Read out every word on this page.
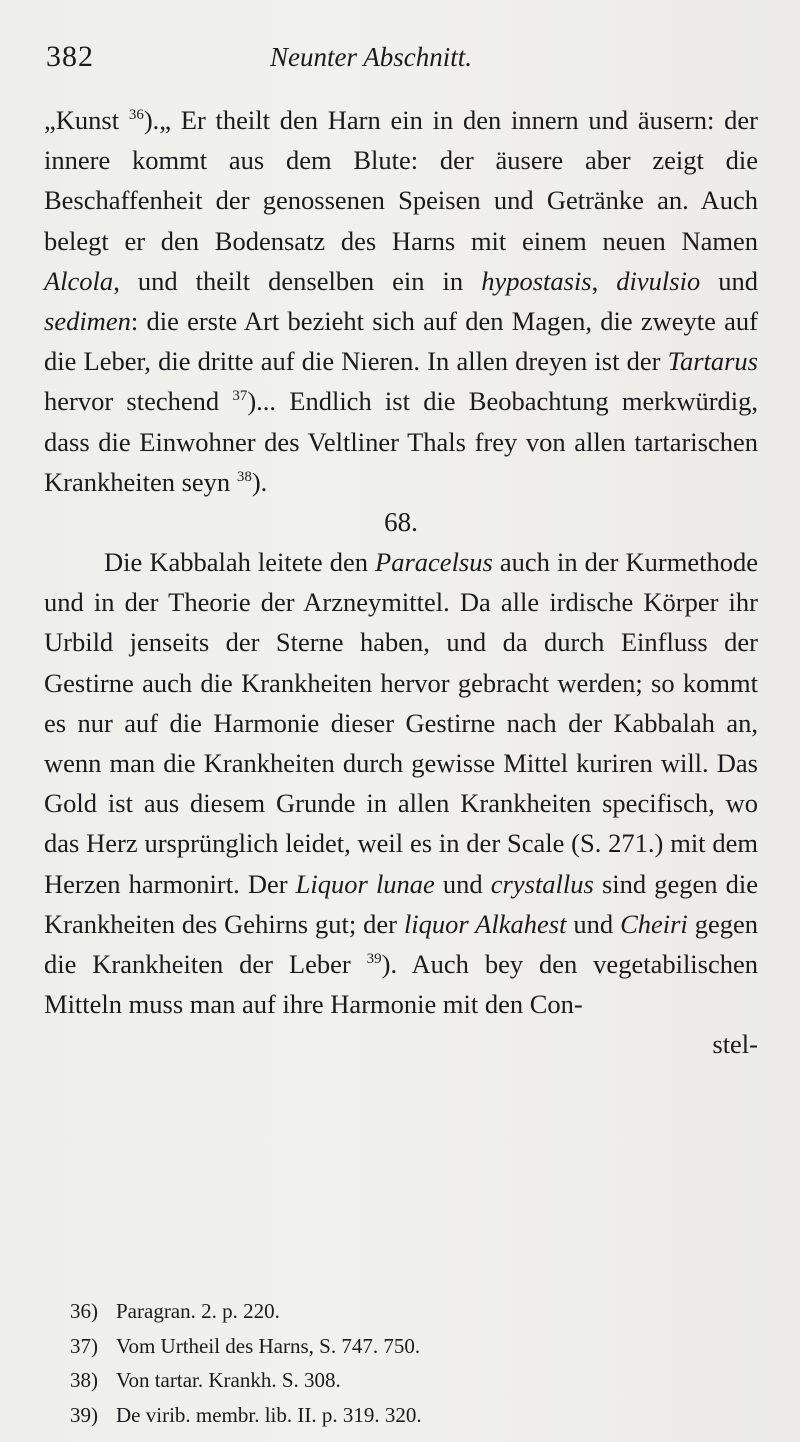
382	Neunter Abschnitt.

„Kunst $^{36}$).„ Er theilt den Harn ein in den innern und äusern: der innere kommt aus dem Blute: der äusere aber zeigt die Beschaffenheit der genossenen Speisen und Getränke an. Auch belegt er den Bodensatz des Harns mit einem neuen Namen Alcola, und theilt denselben ein in hypostasis, divulsio und sedimen: die erste Art bezieht sich auf den Magen, die zweyte auf die Leber, die dritte auf die Nieren. In allen dreyen ist der Tartarus hervor stechend $^{37}$)... Endlich ist die Beobachtung merkwürdig, dass die Einwohner des Veltliner Thals frey von allen tartarischen Krankheiten seyn $^{38}$).

68.

Die Kabbalah leitete den Paracelsus auch in der Kurmethode und in der Theorie der Arzneymittel. Da alle irdische Körper ihr Urbild jenseits der Sterne haben, und da durch Einfluss der Gestirne auch die Krankheiten hervor gebracht werden; so kommt es nur auf die Harmonie dieser Gestirne nach der Kabbalah an, wenn man die Krankheiten durch gewisse Mittel kuriren will. Das Gold ist aus diesem Grunde in allen Krankheiten specifisch, wo das Herz ursprünglich leidet, weil es in der Scale (S. 271.) mit dem Herzen harmonirt. Der Liquor lunae und crystallus sind gegen die Krankheiten des Gehirns gut; der liquor Alkahest und Cheiri gegen die Krankheiten der Leber $^{39}$). Auch bey den vegetabilischen Mitteln muss man auf ihre Harmonie mit den Con-
stel-

36) Paragran. 2. p. 220.
37) Vom Urtheil des Harns, S. 747. 750.
38) Von tartar. Krankh. S. 308.
39) De virib. membr. lib. II. p. 319. 320.
